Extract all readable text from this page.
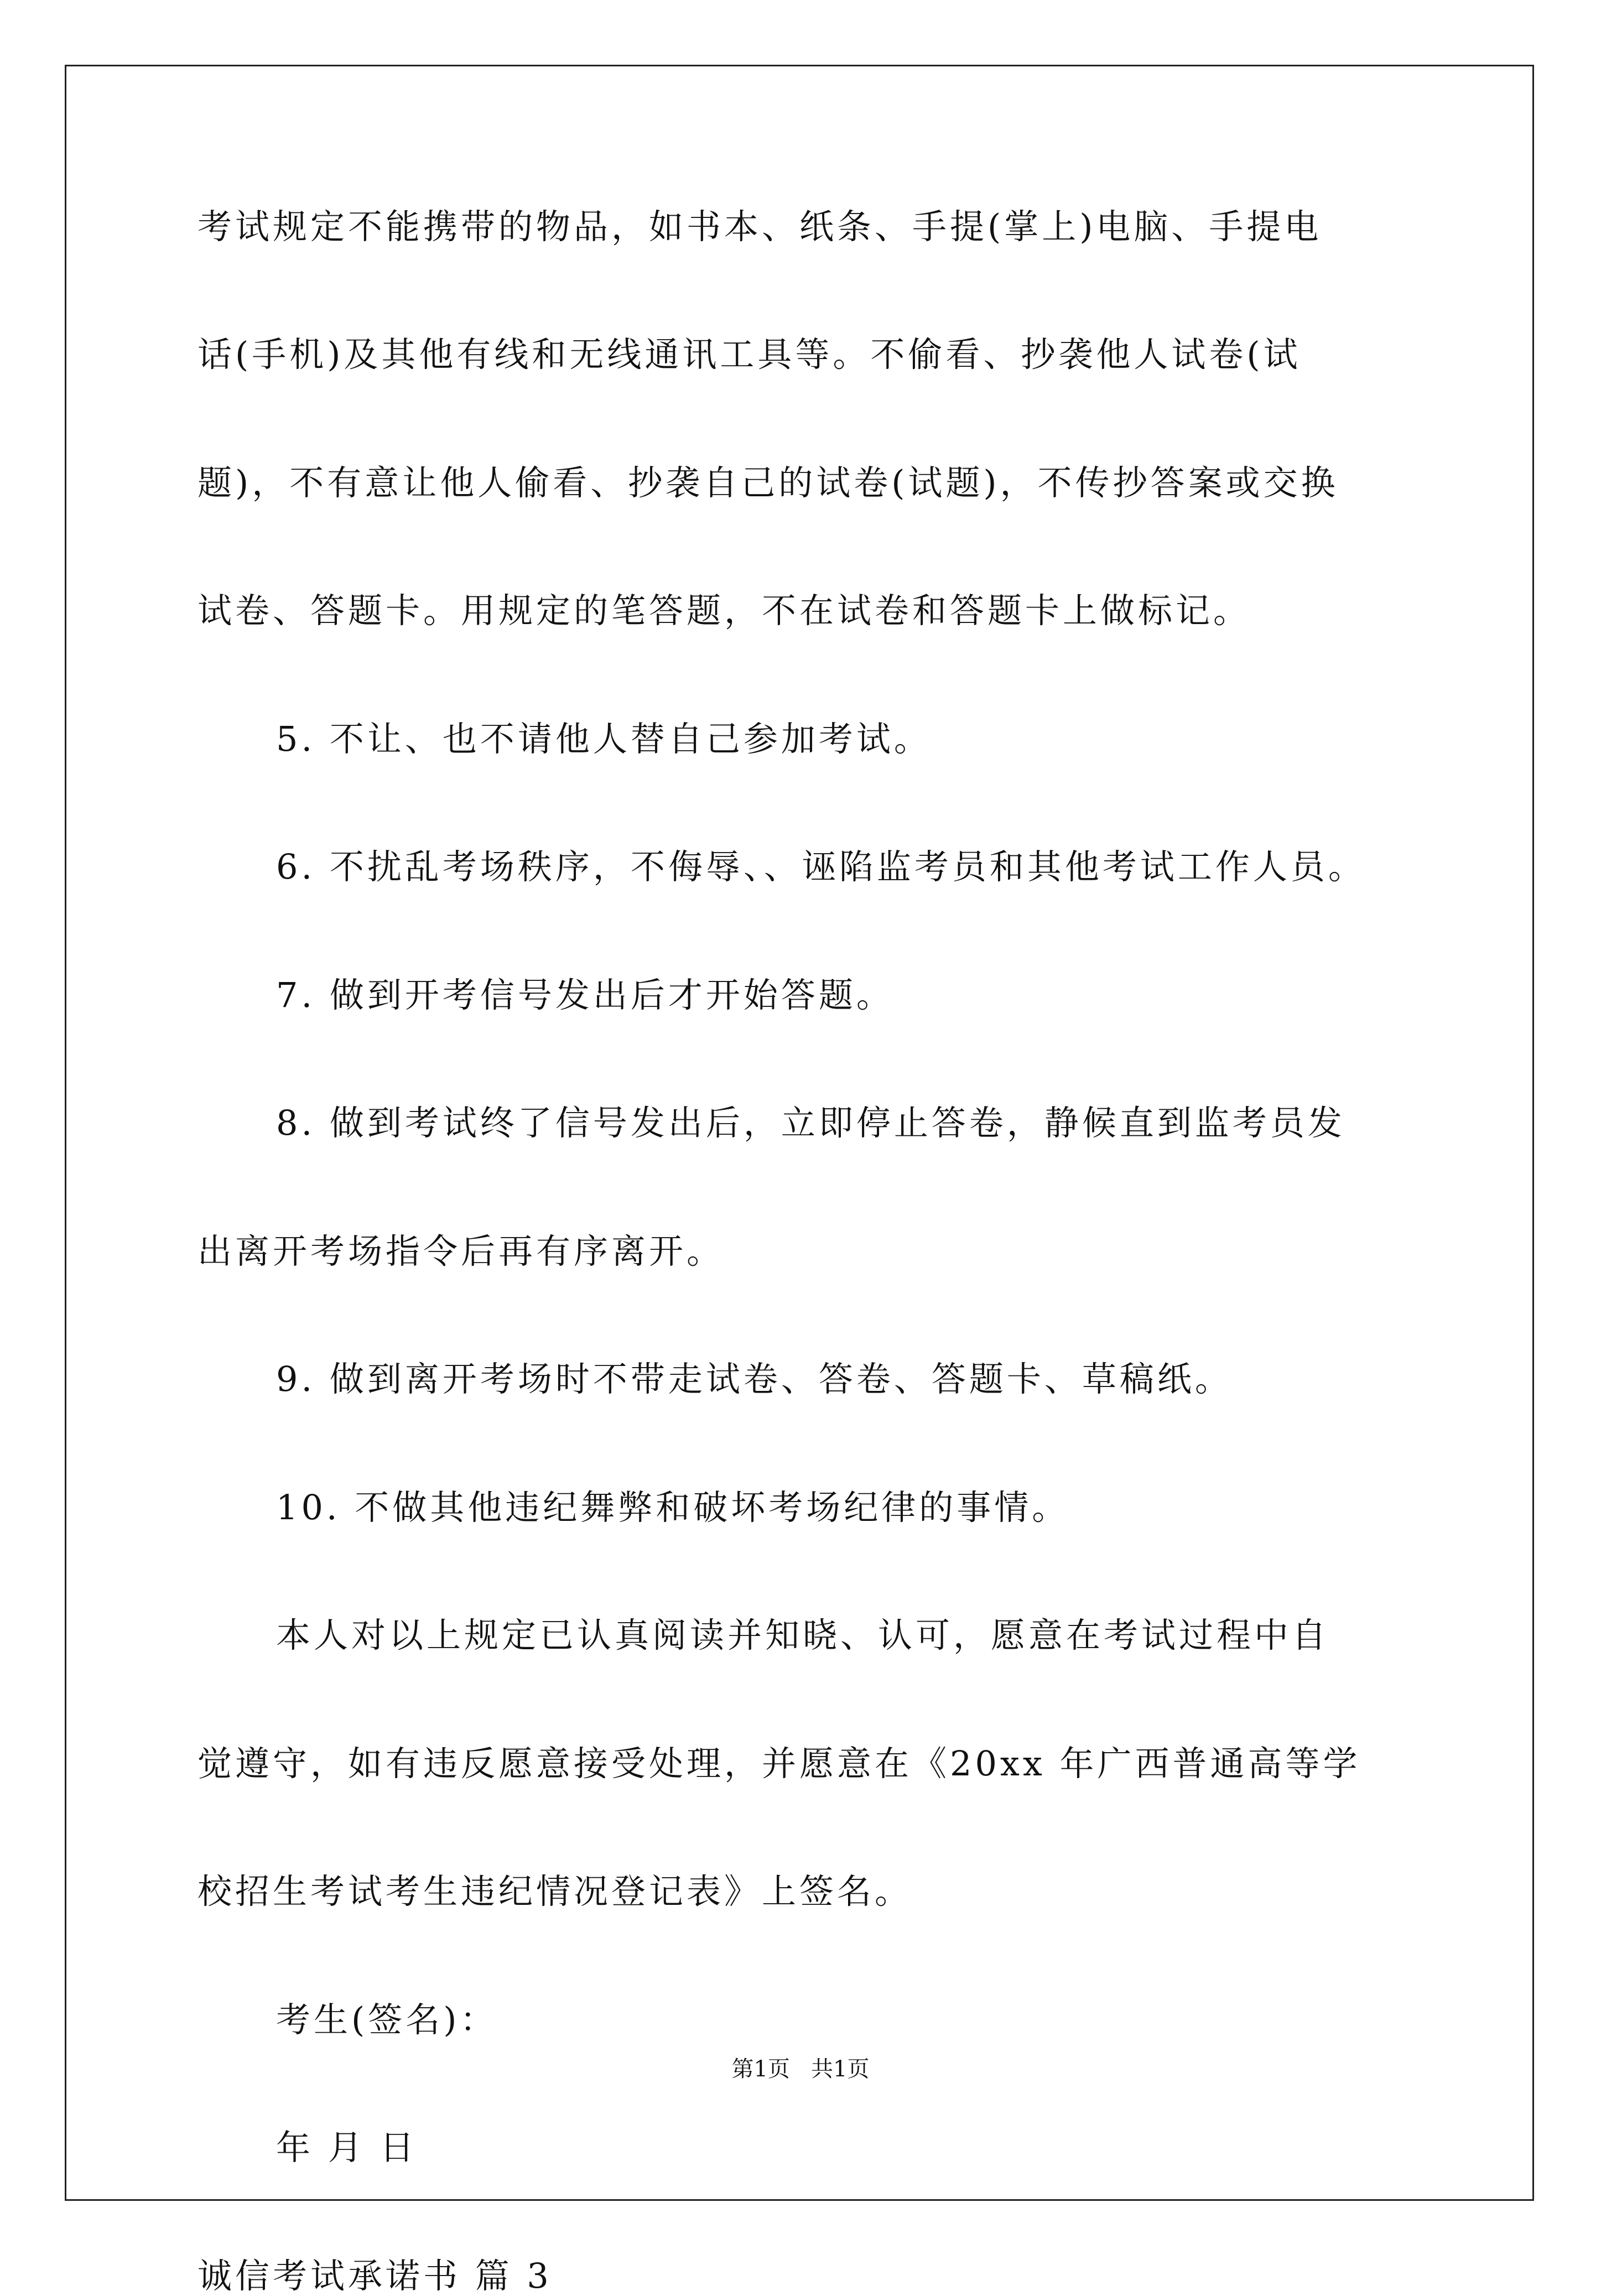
考试规定不能携带的物品，如书本、纸条、手提(掌上)电脑、手提电
话(手机)及其他有线和无线通讯工具等。不偷看、抄袭他人试卷(试
题)，不有意让他人偷看、抄袭自己的试卷(试题)，不传抄答案或交换
试卷、答题卡。用规定的笔答题，不在试卷和答题卡上做标记。
5. 不让、也不请他人替自己参加考试。
6. 不扰乱考场秩序，不侮辱、、诬陷监考员和其他考试工作人员。
7. 做到开考信号发出后才开始答题。
8. 做到考试终了信号发出后，立即停止答卷，静候直到监考员发
出离开考场指令后再有序离开。
9. 做到离开考场时不带走试卷、答卷、答题卡、草稿纸。
10. 不做其他违纪舞弊和破坏考场纪律的事情。
本人对以上规定已认真阅读并知晓、认可，愿意在考试过程中自
觉遵守，如有违反愿意接受处理，并愿意在《20xx 年广西普通高等学
校招生考试考生违纪情况登记表》上签名。
考生(签名)：
年 月 日
诚信考试承诺书 篇 3
第1页   共1页
